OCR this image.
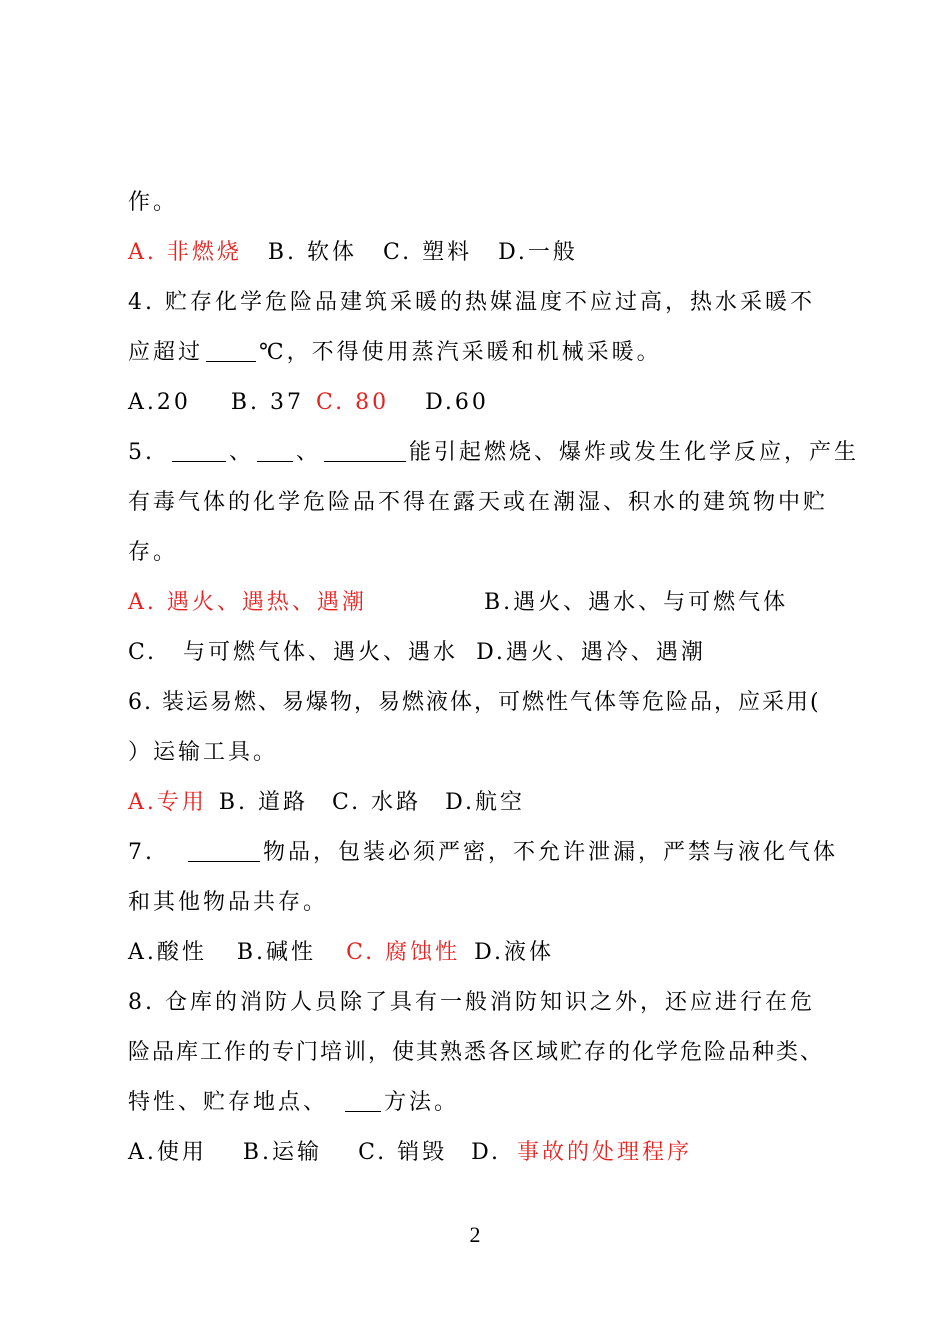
作。
A. 非燃烧 B. 软体 C. 塑料 D.一般
4. 贮存化学危险品建筑采暖的热媒温度不应过高，热水采暖不
应超过	℃，不得使用蒸汽采暖和机械采暖。
A.20 B. 37 C. 80 D.60
5.	、 、	能引起燃烧、爆炸或发生化学反应，产生
有毒气体的化学危险品不得在露天或在潮湿、积水的建筑物中贮
存。
A. 遇火、遇热、遇潮	B.遇火、遇水、与可燃气体
C. 与可燃气体、遇火、遇水 D.遇火、遇冷、遇潮
6. 装运易燃、易爆物，易燃液体，可燃性气体等危险品，应采用(
）运输工具。
A.专用 B. 道路 C. 水路 D.航空
7.	物品，包装必须严密，不允许泄漏，严禁与液化气体
和其他物品共存。
A.酸性 B.碱性 C. 腐蚀性 D.液体
8. 仓库的消防人员除了具有一般消防知识之外，还应进行在危
险品库工作的专门培训，使其熟悉各区域贮存的化学危险品种类、
特性、贮存地点、	方法。
A.使用 B.运输 C. 销毁 D. 事故的处理程序
2
